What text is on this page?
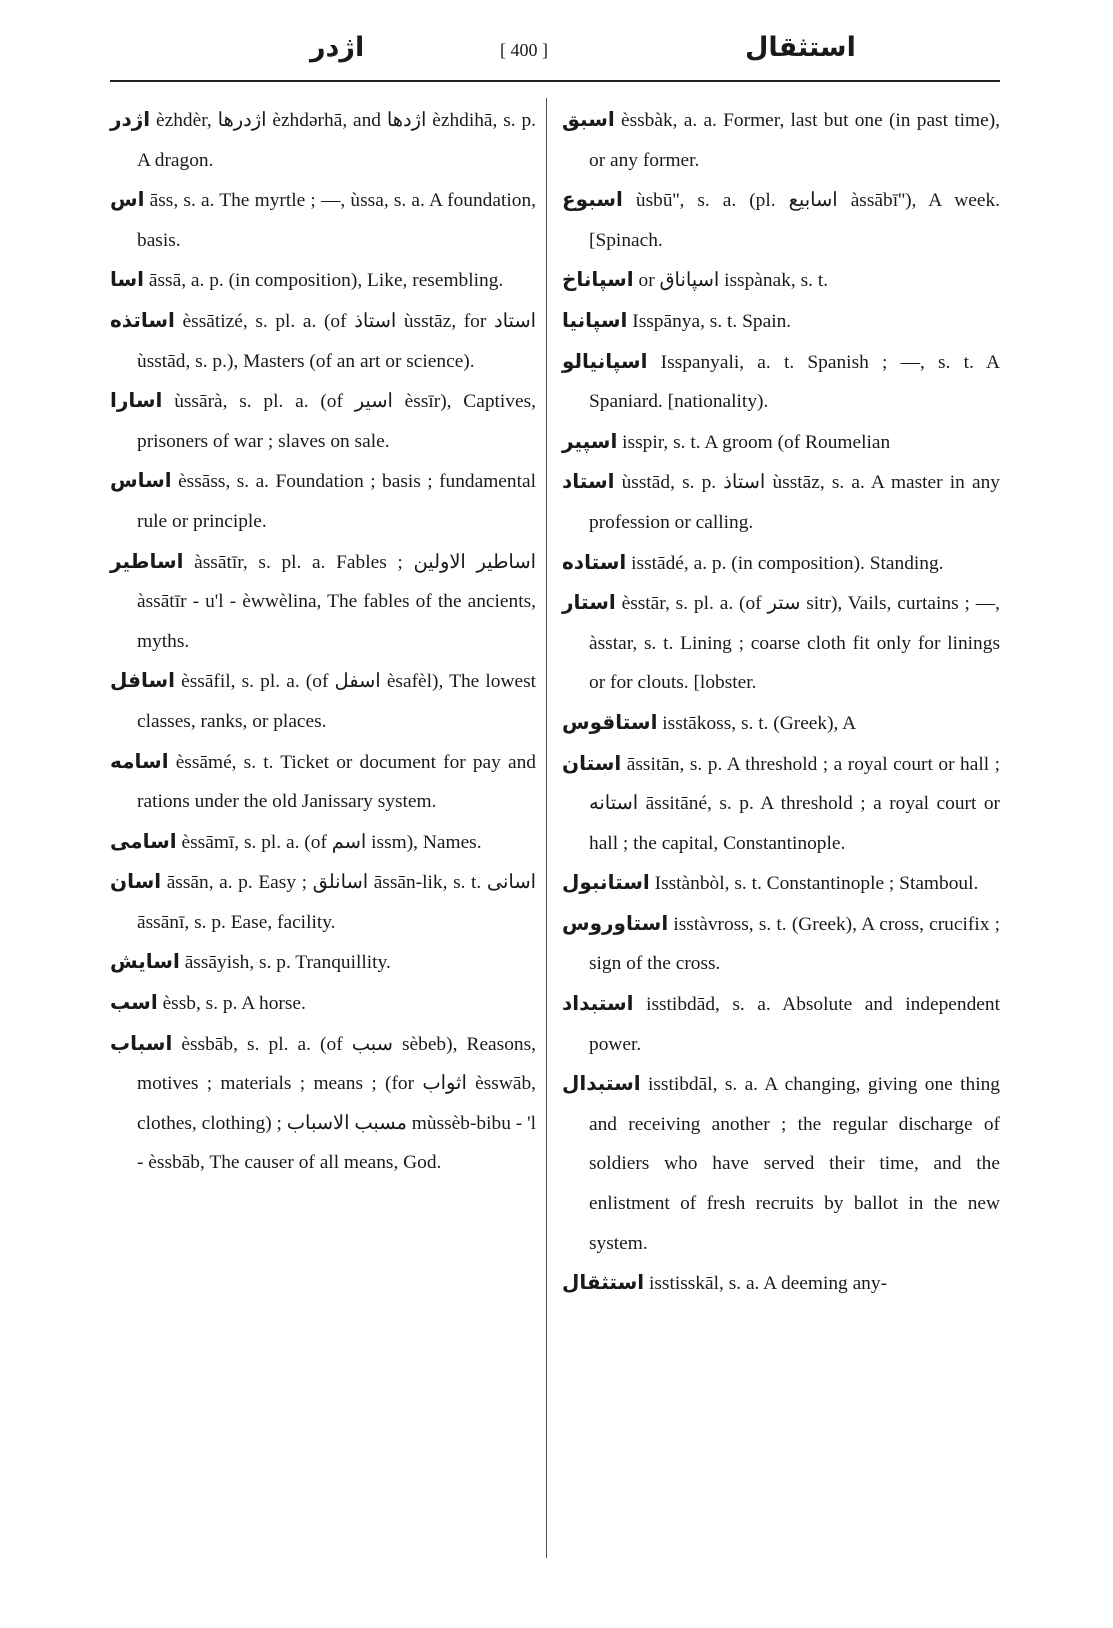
اژدر	[ 400 ]	استثقال

اژدر èzhdèr, اژدرها èzhdərhā, and اژدها èzhdihā, s. p. A dragon.

اس āss, s. a. The myrtle ; —, ùssa, s. a. A foundation, basis.

اسا āssā, a. p. (in composition), Like, resembling.

اساتذه èssātizé, s. pl. a. (of استاذ ùsstāz, for استاد ùsstād, s. p.), Masters (of an art or science).

اسارا ùssārà, s. pl. a. (of اسیر èssīr), Captives, prisoners of war ; slaves on sale.

اساس èssāss, s. a. Foundation ; basis ; fundamental rule or principle.

اساطیر àssātīr, s. pl. a. Fables ; اساطیر الاولین àssātīr - u'l - èwwèlina, The fables of the ancients, myths.

اسافل èssāfil, s. pl. a. (of اسفل èsafèl), The lowest classes, ranks, or places.

اسامه èssāmé, s. t. Ticket or document for pay and rations under the old Janissary system.

اسامی èssāmī, s. pl. a. (of اسم issm), Names.

اسان āssān, a. p. Easy ; اسانلق āssān-lik, s. t. اسانی āssānī, s. p. Ease, facility.

اسایش āssāyish, s. p. Tranquillity.

اسب èssb, s. p. A horse.

اسباب èssbāb, s. pl. a. (of سبب sèbeb), Reasons, motives ; materials ; means ; (for اثواب èsswāb, clothes, clothing) ; مسبب الاسباب mùssèb-bibu - 'l - èssbāb, The causer of all means, God.

اسبق èssbàk, a. a. Former, last but one (in past time), or any former.

اسبوع ùsbū'', s. a. (pl. اسابیع àssābī''), A week. [Spinach.

اسپاناخ or اسپاناق isspànak, s. t.

اسپانیا Isspānya, s. t. Spain.

اسپانیالو Isspanyali, a. t. Spanish ; —, s. t. A Spaniard. [nationality).

اسپیر isspir, s. t. A groom (of Roumelian

استاد ùsstād, s. p. استاذ ùsstāz, s. a. A master in any profession or calling.

استاده isstādé, a. p. (in composition). Standing.

استار èsstār, s. pl. a. (of ستر sitr), Vails, curtains ; —, àsstar, s. t. Lining ; coarse cloth fit only for linings or for clouts. [lobster.

استاقوس isstākoss, s. t. (Greek), A

استان āssitān, s. p. A threshold ; a royal court or hall ; استانه āssitāné, s. p. A threshold ; a royal court or hall ; the capital, Constantinople.

استانبول Isstànbòl, s. t. Constantinople ; Stamboul.

استاوروس isstàvross, s. t. (Greek), A cross, crucifix ; sign of the cross.

استبداد isstibdād, s. a. Absolute and independent power.

استبدال isstibdāl, s. a. A changing, giving one thing and receiving another ; the regular discharge of soldiers who have served their time, and the enlistment of fresh recruits by ballot in the new system.

استثقال isstisskāl, s. a. A deeming any-
